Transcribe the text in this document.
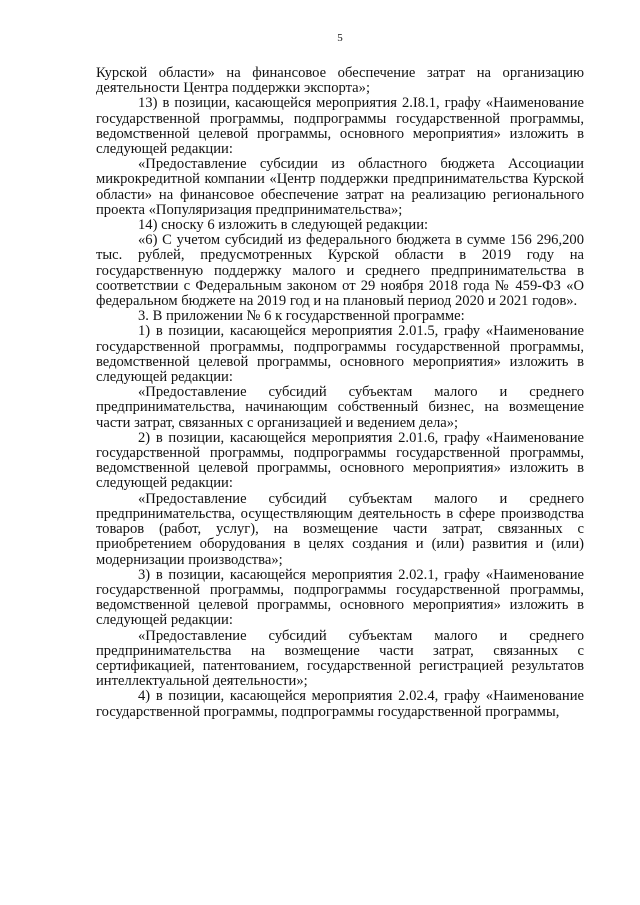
5

Курской области» на финансовое обеспечение затрат на организацию деятельности Центра поддержки экспорта»;

13) в позиции, касающейся мероприятия 2.I8.1, графу «Наименование государственной программы, подпрограммы государственной программы, ведомственной целевой программы, основного мероприятия» изложить в следующей редакции:

«Предоставление субсидии из областного бюджета Ассоциации микрокредитной компании «Центр поддержки предпринимательства Курской области» на финансовое обеспечение затрат на реализацию регионального проекта «Популяризация предпринимательства»;

14) сноску 6 изложить в следующей редакции:

«6) С учетом субсидий из федерального бюджета в сумме 156 296,200 тыс. рублей, предусмотренных Курской области в 2019 году на государственную поддержку малого и среднего предпринимательства в соответствии с Федеральным законом от 29 ноября 2018 года № 459-ФЗ «О федеральном бюджете на 2019 год и на плановый период 2020 и 2021 годов».

3. В приложении № 6 к государственной программе:

1) в позиции, касающейся мероприятия 2.01.5, графу «Наименование государственной программы, подпрограммы государственной программы, ведомственной целевой программы, основного мероприятия» изложить в следующей редакции:

«Предоставление субсидий субъектам малого и среднего предпринимательства, начинающим собственный бизнес, на возмещение части затрат, связанных с организацией и ведением дела»;

2) в позиции, касающейся мероприятия 2.01.6, графу «Наименование государственной программы, подпрограммы государственной программы, ведомственной целевой программы, основного мероприятия» изложить в следующей редакции:

«Предоставление субсидий субъектам малого и среднего предпринимательства, осуществляющим деятельность в сфере производства товаров (работ, услуг), на возмещение части затрат, связанных с приобретением оборудования в целях создания и (или) развития и (или) модернизации производства»;

3) в позиции, касающейся мероприятия 2.02.1, графу «Наименование государственной программы, подпрограммы государственной программы, ведомственной целевой программы, основного мероприятия» изложить в следующей редакции:

«Предоставление субсидий субъектам малого и среднего предпринимательства на возмещение части затрат, связанных с сертификацией, патентованием, государственной регистрацией результатов интеллектуальной деятельности»;

4) в позиции, касающейся мероприятия 2.02.4, графу «Наименование государственной программы, подпрограммы государственной программы,
